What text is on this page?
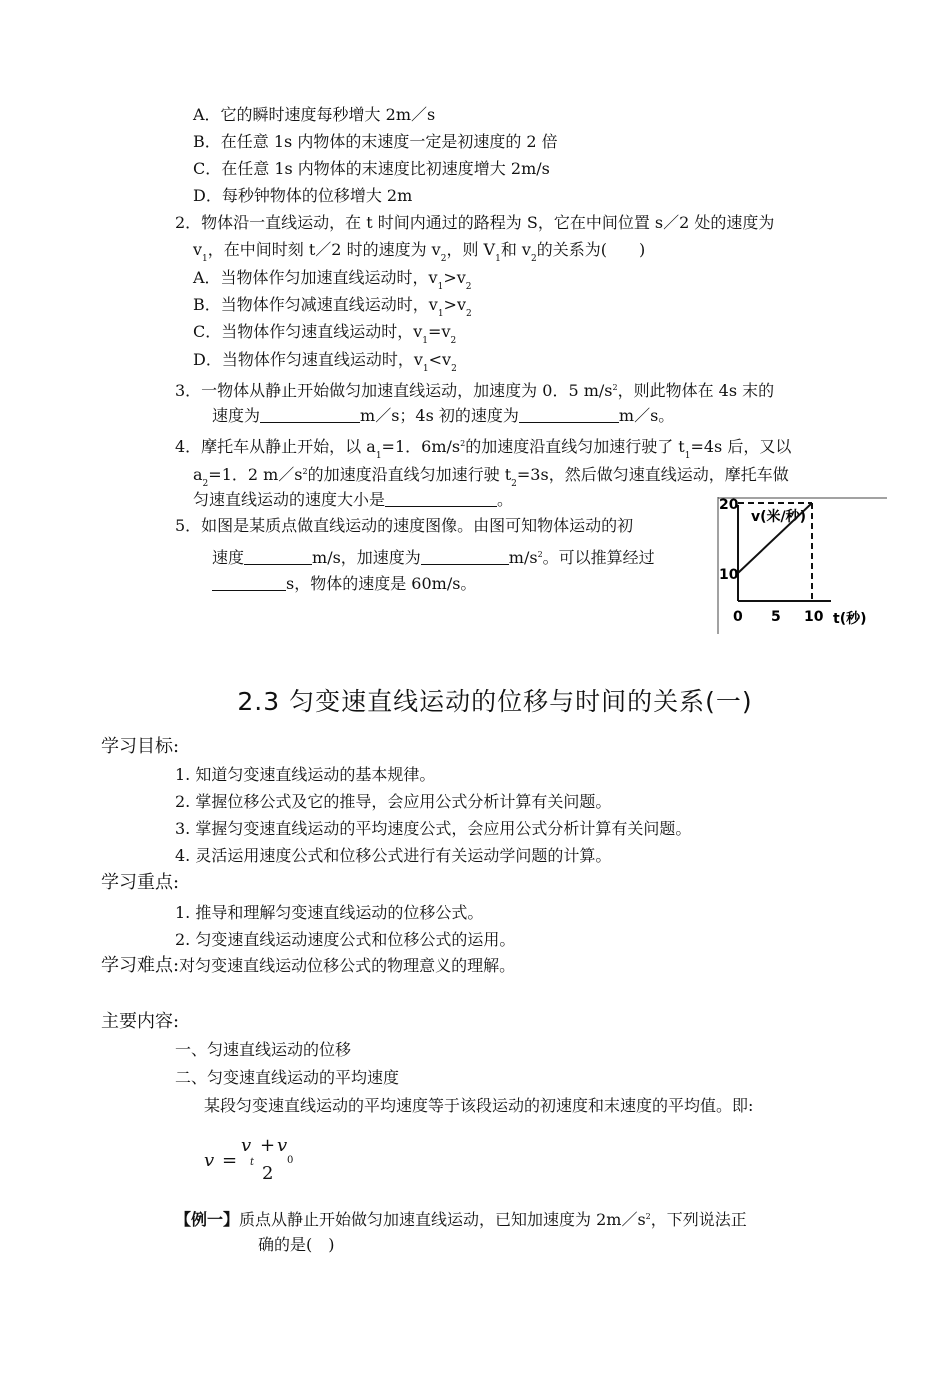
A．它的瞬时速度每秒增大 2m／s
B．在任意 1s 内物体的末速度一定是初速度的 2 倍
C．在任意 1s 内物体的末速度比初速度增大 2m/s
D．每秒钟物体的位移增大 2m
2．物体沿一直线运动，在 t 时间内通过的路程为 S，它在中间位置 s／2 处的速度为
$v_1$，在中间时刻 t／2 时的速度为 $v_2$，则 $V_1$和 $v_2$的关系为(　　)
A．当物体作匀加速直线运动时，$v_1>v_2$
B．当物体作匀减速直线运动时，$v_1>v_2$
C．当物体作匀速直线运动时，$v_1=v_2$
D．当物体作匀速直线运动时，$v_1<v_2$
3．一物体从静止开始做匀加速直线运动，加速度为 0．5 $m/s^2$，则此物体在 4s 末的
速度为	m／s；4s 初的速度为	m／s。
4．摩托车从静止开始，以 $a_1=1$．$6m/s^2$的加速度沿直线匀加速行驶了 $t_1=4s$ 后，又以
$a_2=1$．2 $m/s^2$的加速度沿直线匀加速行驶 $t_2=3s$，然后做匀速直线运动，摩托车做
匀速直线运动的速度大小是	。
5．如图是某质点做直线运动的速度图像。由图可知物体运动的初
速度	m/s，加速度为	$m/s^2$。可以推算经过
s，物体的速度是 60m/s。
v(米/秒)
10
20
0 5 10 t(秒)
2.3 匀变速直线运动的位移与时间的关系(一)
学习目标:
1. 知道匀变速直线运动的基本规律。
2. 掌握位移公式及它的推导，会应用公式分析计算有关问题。
3. 掌握匀变速直线运动的平均速度公式，会应用公式分析计算有关问题。
4. 灵活运用速度公式和位移公式进行有关运动学问题的计算。
学习重点:
1. 推导和理解匀变速直线运动的位移公式。
2. 匀变速直线运动速度公式和位移公式的运用。
学习难点:对匀变速直线运动位移公式的物理意义的理解。
主要内容:
一、匀速直线运动的位移
二、匀变速直线运动的平均速度
某段匀变速直线运动的平均速度等于该段运动的初速度和末速度的平均值。即:
v =
v
t
+ v
0
2
【例一】质点从静止开始做匀加速直线运动，已知加速度为 $2m/s^2$，下列说法正
确的是(　)
